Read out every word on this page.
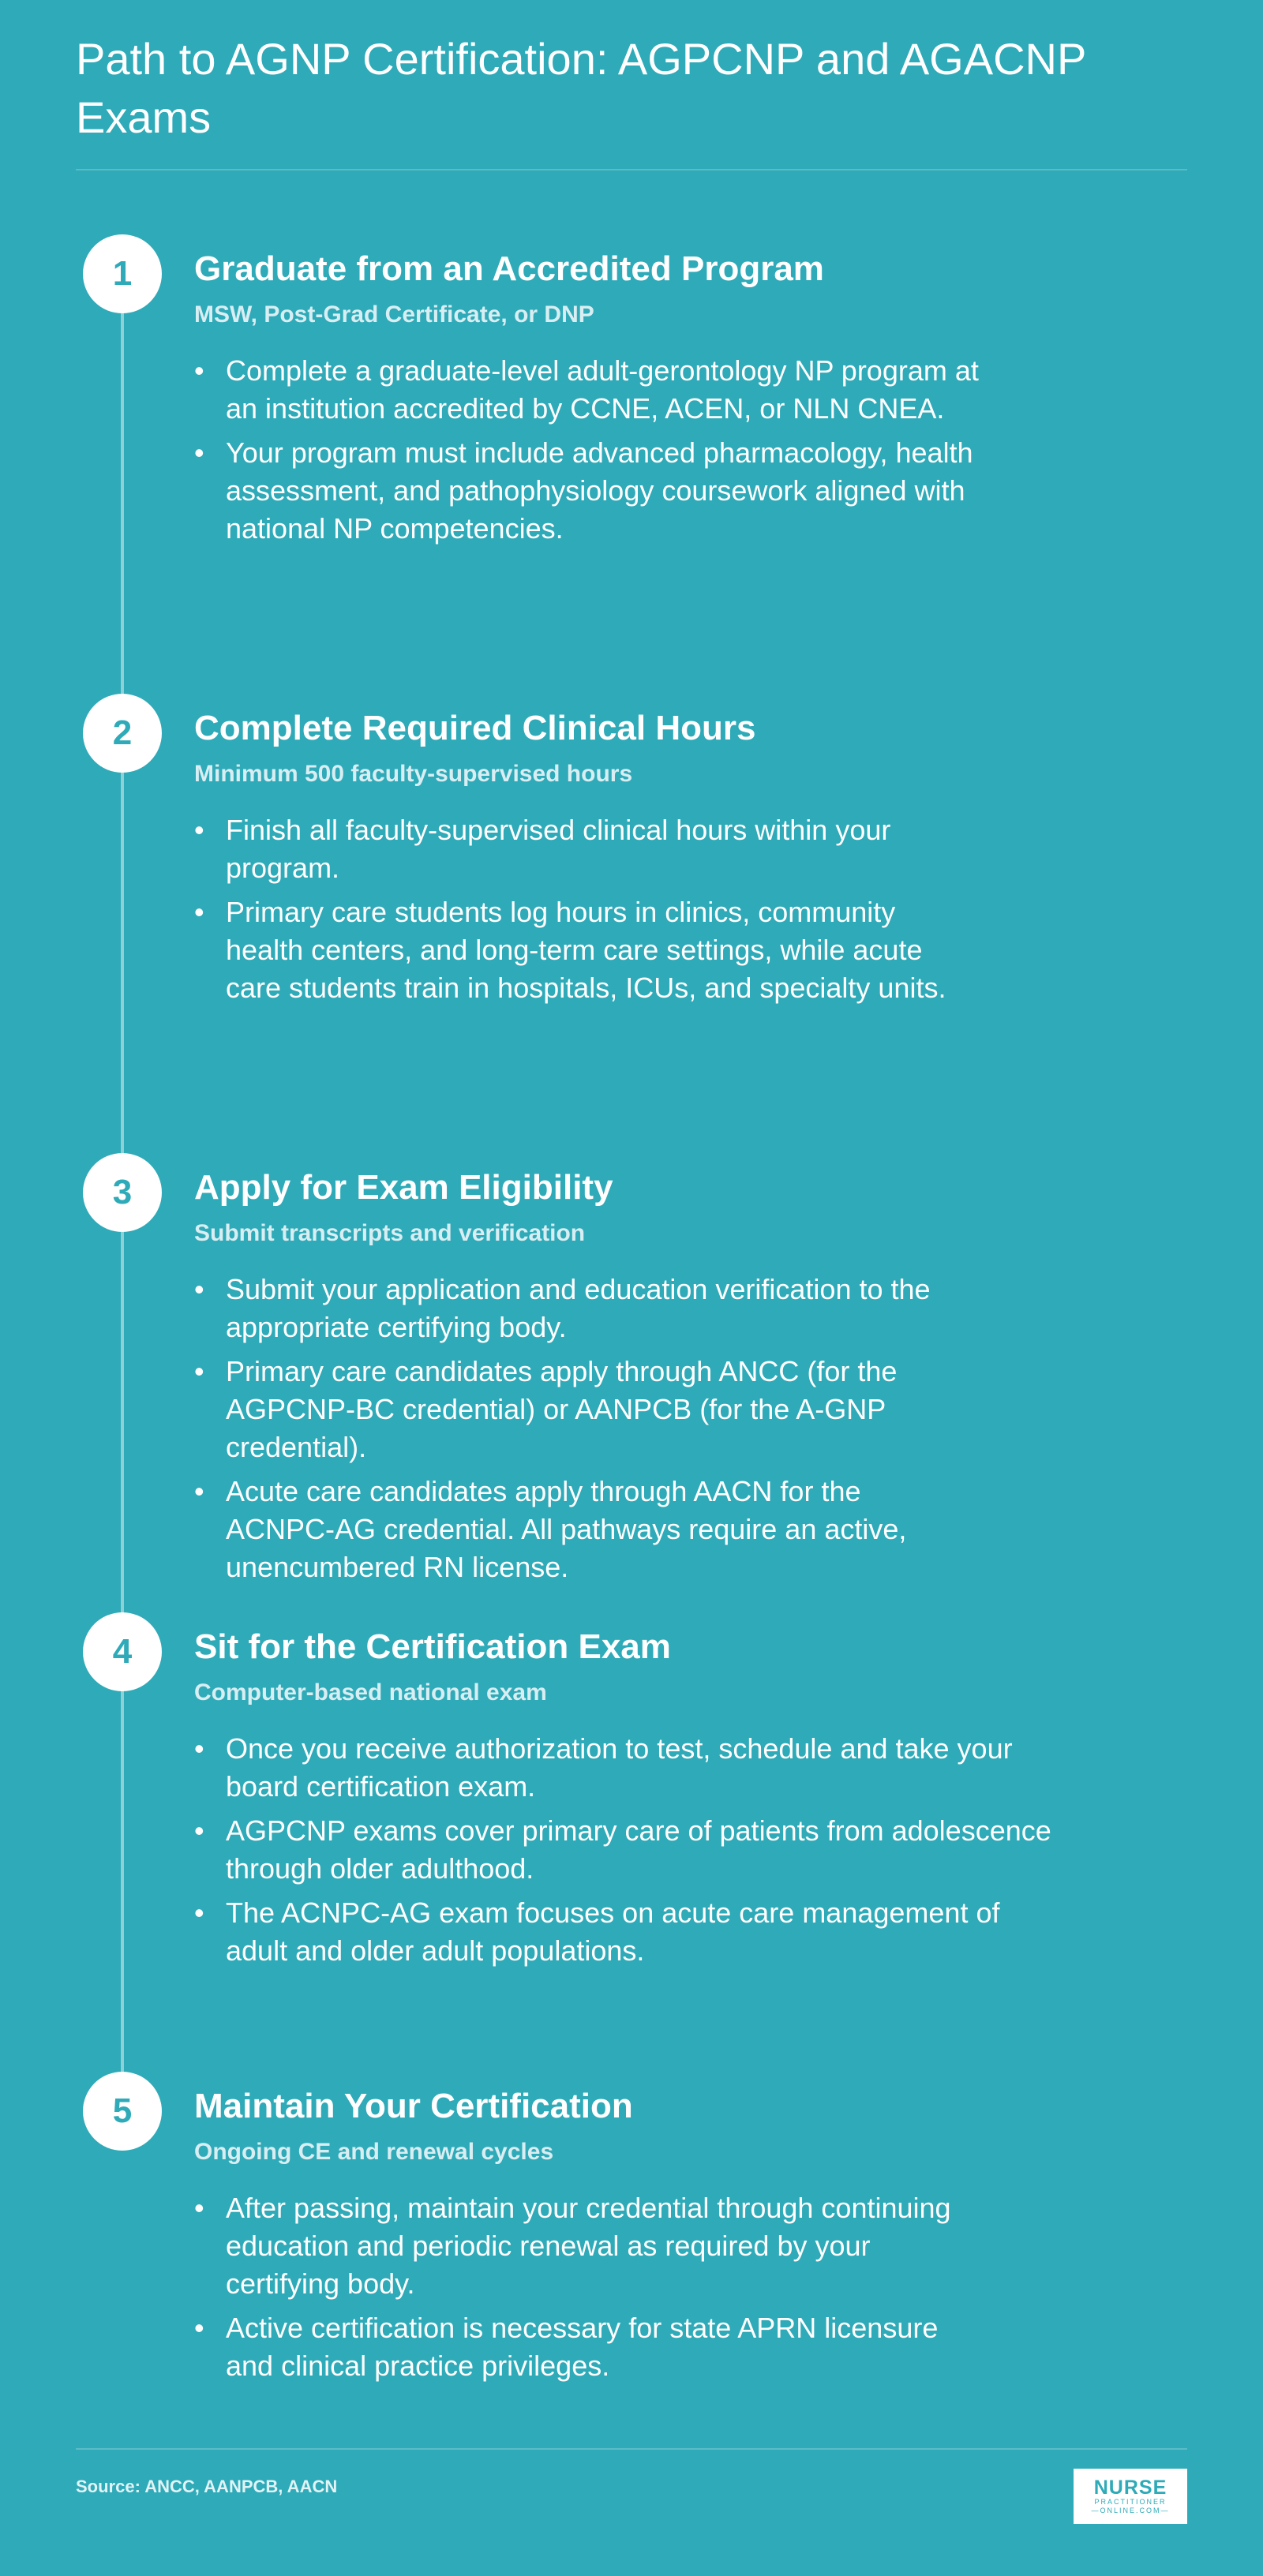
Path to AGNP Certification: AGPCNP and AGACNP Exams
1	Graduate from an Accredited Program
MSW, Post-Grad Certificate, or DNP
• Complete a graduate-level adult-gerontology NP program at an institution accredited by CCNE, ACEN, or NLN CNEA.
• Your program must include advanced pharmacology, health assessment, and pathophysiology coursework aligned with national NP competencies.
2	Complete Required Clinical Hours
Minimum 500 faculty-supervised hours
• Finish all faculty-supervised clinical hours within your program.
• Primary care students log hours in clinics, community health centers, and long-term care settings, while acute care students train in hospitals, ICUs, and specialty units.
3	Apply for Exam Eligibility
Submit transcripts and verification
• Submit your application and education verification to the appropriate certifying body.
• Primary care candidates apply through ANCC (for the AGPCNP-BC credential) or AANPCB (for the A-GNP credential).
• Acute care candidates apply through AACN for the ACNPC-AG credential. All pathways require an active, unencumbered RN license.
4	Sit for the Certification Exam
Computer-based national exam
• Once you receive authorization to test, schedule and take your board certification exam.
• AGPCNP exams cover primary care of patients from adolescence through older adulthood.
• The ACNPC-AG exam focuses on acute care management of adult and older adult populations.
5	Maintain Your Certification
Ongoing CE and renewal cycles
• After passing, maintain your credential through continuing education and periodic renewal as required by your certifying body.
• Active certification is necessary for state APRN licensure and clinical practice privileges.
Source: ANCC, AANPCB, AACN	NURSE
PRACTITIONER
—ONLINE.COM—
